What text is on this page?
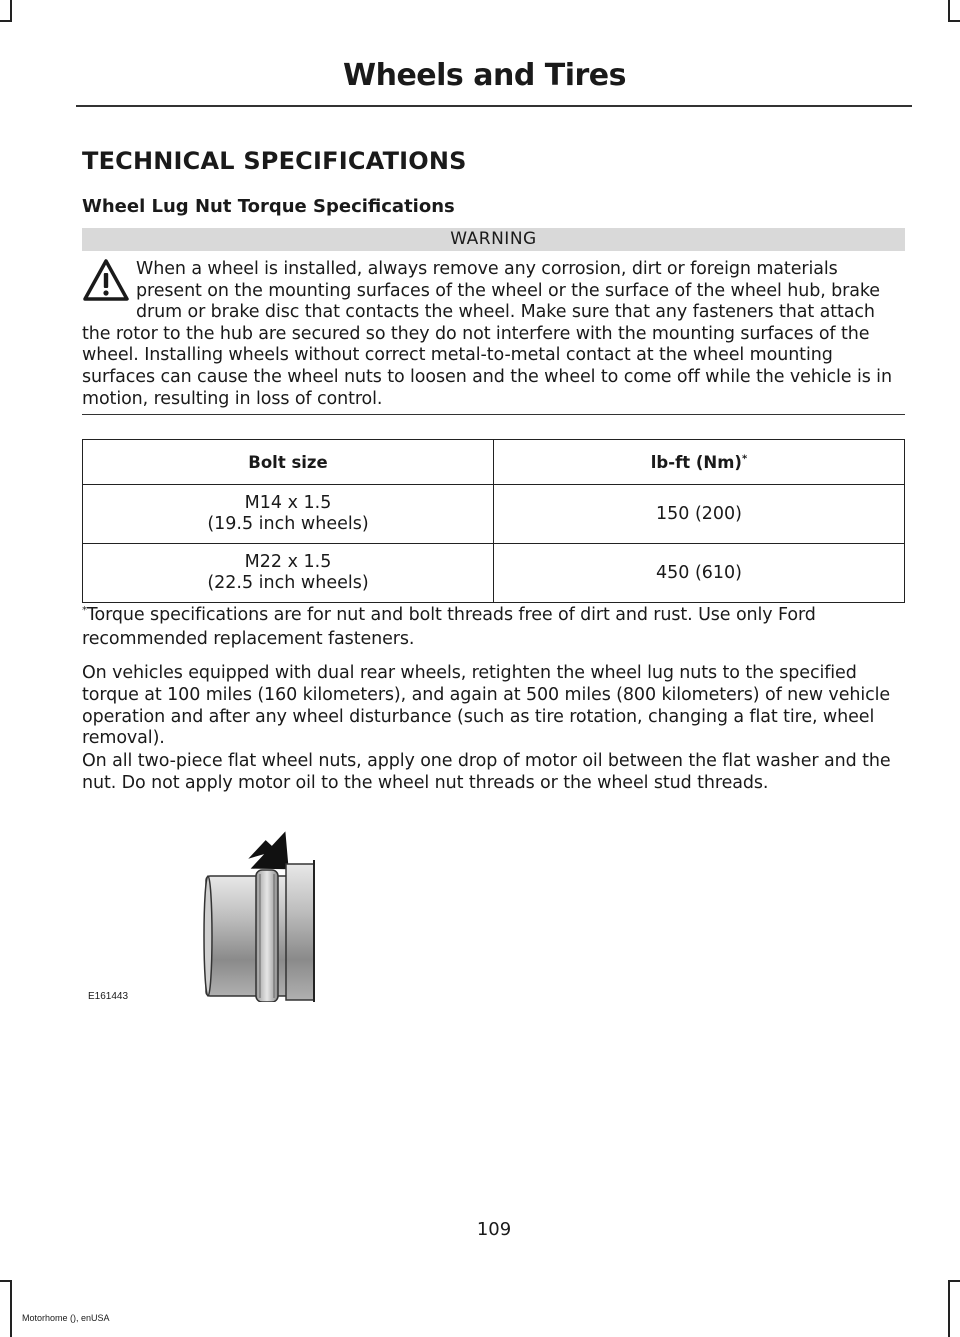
Wheels and Tires
TECHNICAL SPECIFICATIONS
Wheel Lug Nut Torque Specifications
WARNING
When a wheel is installed, always remove any corrosion, dirt or foreign materials present on the mounting surfaces of the wheel or the surface of the wheel hub, brake drum or brake disc that contacts the wheel. Make sure that any fasteners that attach the rotor to the hub are secured so they do not interfere with the mounting surfaces of the wheel. Installing wheels without correct metal-to-metal contact at the wheel mounting surfaces can cause the wheel nuts to loosen and the wheel to come off while the vehicle is in motion, resulting in loss of control.
Bolt size	lb-ft (Nm)*

M14 x 1.5
(19.5 inch wheels)	150 (200)

M22 x 1.5
(22.5 inch wheels)	450 (610)
*Torque specifications are for nut and bolt threads free of dirt and rust. Use only Ford recommended replacement fasteners.
On vehicles equipped with dual rear wheels, retighten the wheel lug nuts to the specified torque at 100 miles (160 kilometers), and again at 500 miles (800 kilometers) of new vehicle operation and after any wheel disturbance (such as tire rotation, changing a flat tire, wheel removal).
On all two-piece flat wheel nuts, apply one drop of motor oil between the flat washer and the nut. Do not apply motor oil to the wheel nut threads or the wheel stud threads.
E161443
109
Motorhome (), enUSA
